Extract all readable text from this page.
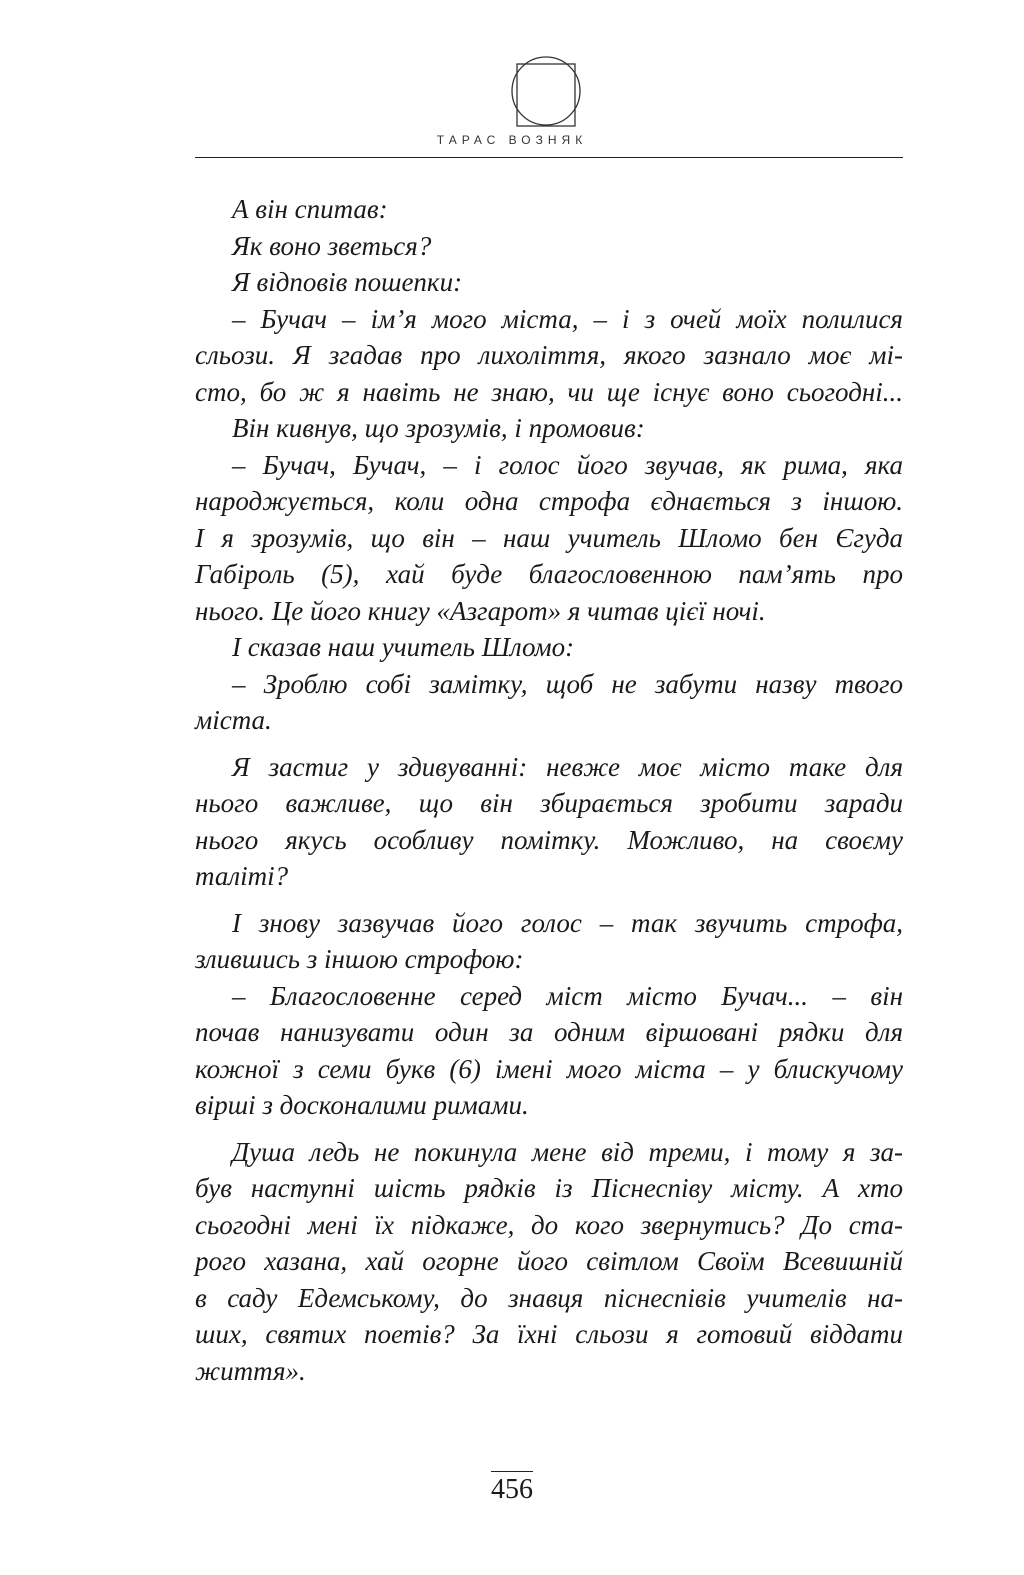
ТАРАС ВОЗНЯК
А він спитав:
Як воно зветься?
Я відповів пошепки:
– Бучач – ім’я мого міста, – і з очей моїх полилися
сльози. Я згадав про лихоліття, якого зазнало моє мі-
сто, бо ж я навіть не знаю, чи ще існує воно сьогодні...
Він кивнув, що зрозумів, і промовив:
– Бучач, Бучач, – і голос його звучав, як рима, яка
народжується, коли одна строфа єднається з іншою.
І я зрозумів, що він – наш учитель Шломо бен Єгуда
Габіроль (5), хай буде благословенною пам’ять про
нього. Це його книгу «Азгарот» я читав цієї ночі.
І сказав наш учитель Шломо:
– Зроблю собі замітку, щоб не забути назву твого
міста.
Я застиг у здивуванні: невже моє місто таке для
нього важливе, що він збирається зробити заради
нього якусь особливу помітку. Можливо, на своєму
таліті?
І знову зазвучав його голос – так звучить строфа,
злившись з іншою строфою:
– Благословенне серед міст місто Бучач... – він
почав нанизувати один за одним віршовані рядки для
кожної з семи букв (6) імені мого міста – у блискучому
вірші з досконалими римами.
Душа ледь не покинула мене від треми, і тому я за-
був наступні шість рядків із Піснеспіву місту. А хто
сьогодні мені їх підкаже, до кого звернутись? До ста-
рого хазана, хай огорне його світлом Своїм Всевишній
в саду Едемському, до знавця піснеспівів учителів на-
ших, святих поетів? За їхні сльози я готовий віддати
життя».
456
